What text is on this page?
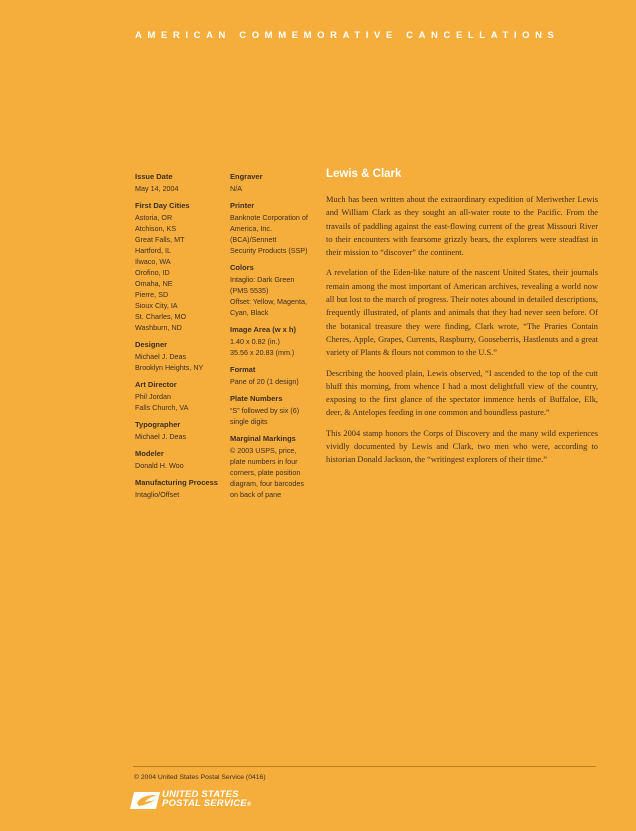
AMERICAN COMMEMORATIVE CANCELLATIONS
Issue Date
May 14, 2004
First Day Cities
Astoria, OR
Atchison, KS
Great Falls, MT
Hartford, IL
Ilwaco, WA
Orofino, ID
Omaha, NE
Pierre, SD
Sioux City, IA
St. Charles, MO
Washburn, ND
Designer
Michael J. Deas
Brooklyn Heights, NY
Art Director
Phil Jordan
Falls Church, VA
Typographer
Michael J. Deas
Modeler
Donald H. Woo
Manufacturing Process
Intaglio/Offset
Engraver
N/A
Printer
Banknote Corporation of
America, Inc. (BCA)/Sennett
Security Products (SSP)
Colors
Intaglio: Dark Green
(PMS 5535)
Offset: Yellow, Magenta,
Cyan, Black
Image Area (w x h)
1.40 x 0.82 (in.)
35.56 x 20.83 (mm.)
Format
Pane of 20 (1 design)
Plate Numbers
“S” followed by six (6)
single digits
Marginal Markings
© 2003 USPS, price,
plate numbers in four
corners, plate position
diagram, four barcodes
on back of pane
Lewis & Clark

Much has been written about the extraordinary expedition of Meriwether Lewis and William Clark as they sought an all-water route to the Pacific. From the travails of paddling against the east-flowing current of the great Missouri River to their encounters with fearsome grizzly bears, the explorers were steadfast in their mission to “discover” the continent.

A revelation of the Eden-like nature of the nascent United States, their journals remain among the most important of American archives, revealing a world now all but lost to the march of progress. Their notes abound in detailed descriptions, frequently illustrated, of plants and animals that they had never seen before. Of the botanical treasure they were finding, Clark wrote, “The Praries Contain Cheres, Apple, Grapes, Currents, Raspburry, Gooseberris, Hastlenuts and a great variety of Plants & flours not common to the U.S.”

Describing the hooved plain, Lewis observed, “I ascended to the top of the cutt bluff this morning, from whence I had a most delightfull view of the country, exposing to the first glance of the spectator immence herds of Buffaloe, Elk, deer, & Antelopes feeding in one common and boundless pasture.”

This 2004 stamp honors the Corps of Discovery and the many wild experiences vividly documented by Lewis and Clark, two men who were, according to historian Donald Jackson, the “writingest explorers of their time.”

© 2004 United States Postal Service (0416)
UNITED STATES
POSTAL SERVICE®
